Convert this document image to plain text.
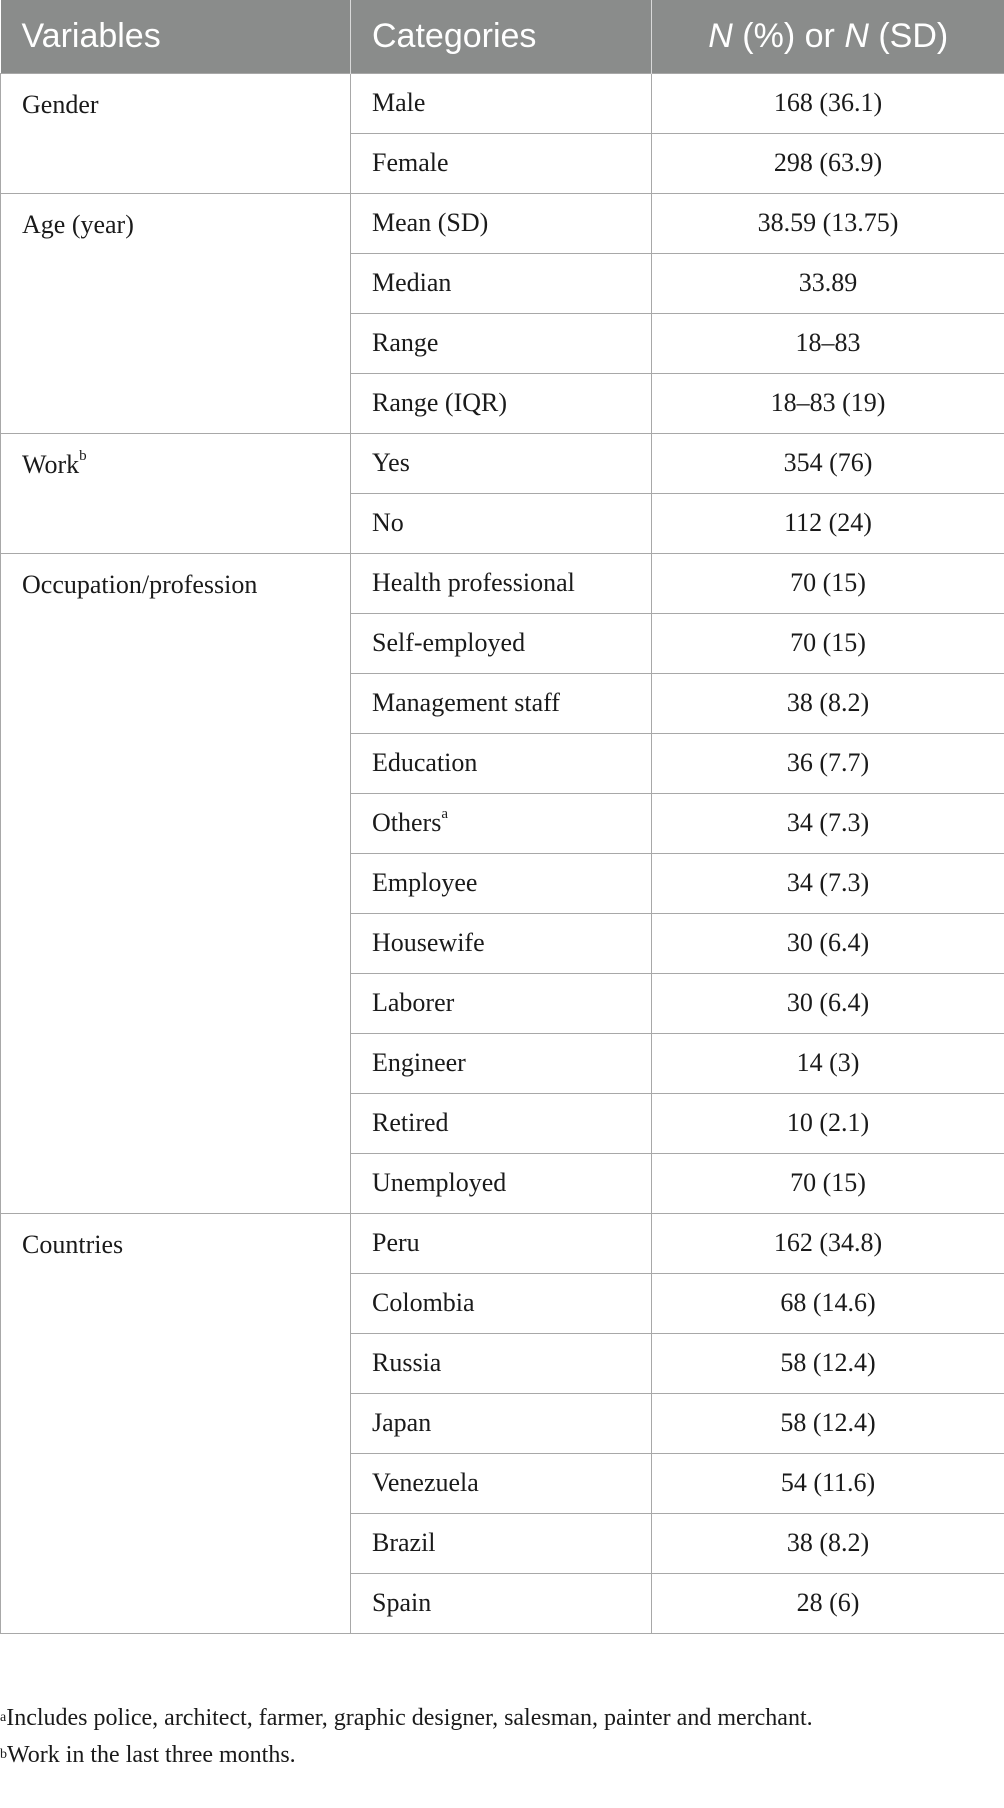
Variables	Categories	N (%) or N (SD)
Gender	Male	168 (36.1)
	Female	298 (63.9)
Age (year)	Mean (SD)	38.59 (13.75)
	Median	33.89
	Range	18–83
	Range (IQR)	18–83 (19)
Work$^b$	Yes	354 (76)
	No	112 (24)
Occupation/profession	Health professional	70 (15)
	Self-employed	70 (15)
	Management staff	38 (8.2)
	Education	36 (7.7)
	Others$^a$	34 (7.3)
	Employee	34 (7.3)
	Housewife	30 (6.4)
	Laborer	30 (6.4)
	Engineer	14 (3)
	Retired	10 (2.1)
	Unemployed	70 (15)
Countries	Peru	162 (34.8)
	Colombia	68 (14.6)
	Russia	58 (12.4)
	Japan	58 (12.4)
	Venezuela	54 (11.6)
	Brazil	38 (8.2)
	Spain	28 (6)
$^a$Includes police, architect, farmer, graphic designer, salesman, painter and merchant.
$^b$Work in the last three months.
